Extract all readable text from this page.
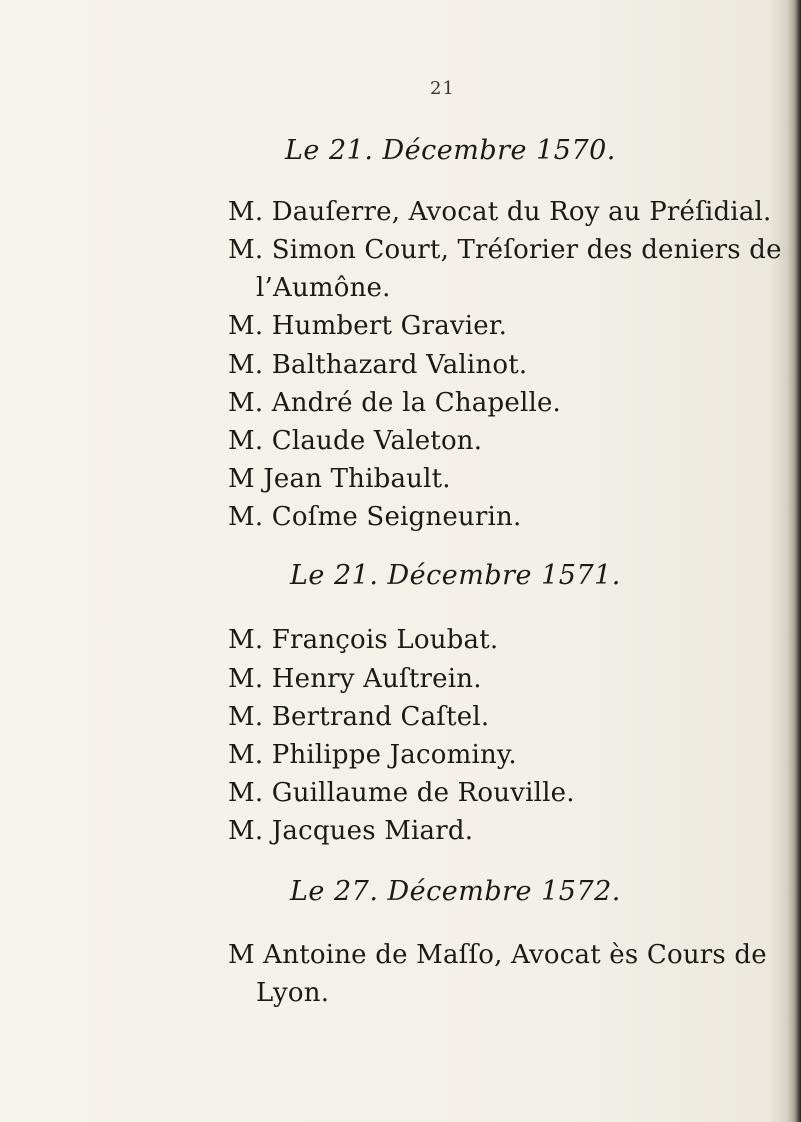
21
Le 21. Décembre 1570.
M. Dauſerre, Avocat du Roy au Préſidial.
M. Simon Court, Tréſorier des deniers de
l’Aumône.
M. Humbert Gravier.
M. Balthazard Valinot.
M. André de la Chapelle.
M. Claude Valeton.
M Jean Thibault.
M. Coſme Seigneurin.
Le 21. Décembre 1571.
M. François Loubat.
M. Henry Auſtrein.
M. Bertrand Caſtel.
M. Philippe Jacominy.
M. Guillaume de Rouville.
M. Jacques Miard.
Le 27. Décembre 1572.
M Antoine de Maſſo, Avocat ès Cours de
Lyon.
